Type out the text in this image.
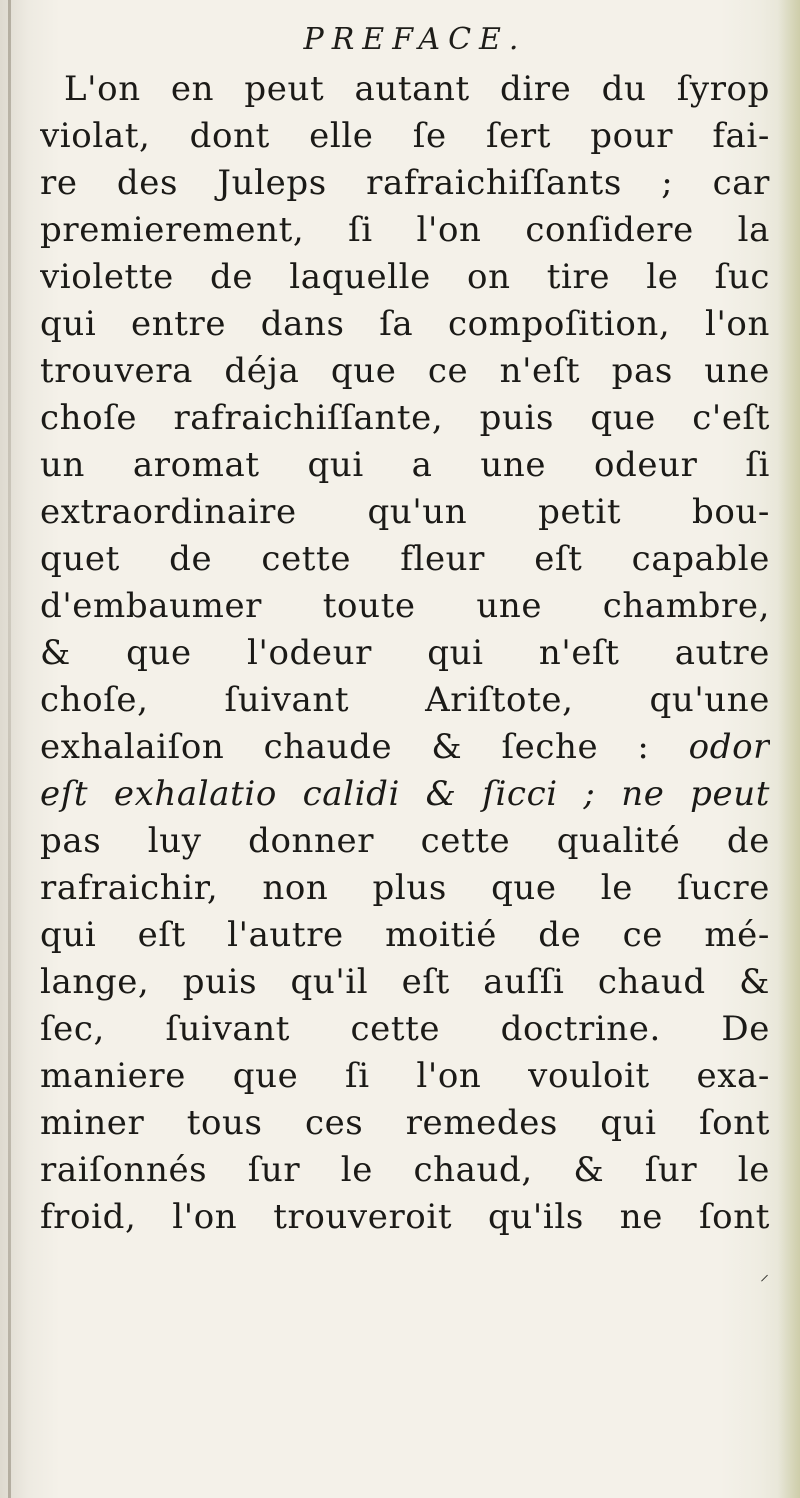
PREFACE.
L'on en peut autant dire du ſyrop
violat, dont elle ſe ſert pour fai-
re des Juleps rafraichiſſants ; car
premierement, ſi l'on conſidere la
violette de laquelle on tire le ſuc
qui entre dans ſa compoſition, l'on
trouvera déja que ce n'eſt pas une
choſe rafraichiſſante, puis que c'eſt
un aromat qui a une odeur ſi
extraordinaire qu'un petit bou-
quet de cette fleur eſt capable
d'embaumer toute une chambre,
& que l'odeur qui n'eſt autre
choſe, ſuivant Ariſtote, qu'une
exhalaiſon chaude & ſeche : odor
eſt exhalatio calidi & ſicci ; ne peut
pas luy donner cette qualité de
rafraichir, non plus que le ſucre
qui eſt l'autre moitié de ce mé-
lange, puis qu'il eſt auſſi chaud &
ſec, ſuivant cette doctrine. De
maniere que ſi l'on vouloit exa-
miner tous ces remedes qui ſont
raiſonnés ſur le chaud, & ſur le
froid, l'on trouveroit qu'ils ne ſont
⸝
